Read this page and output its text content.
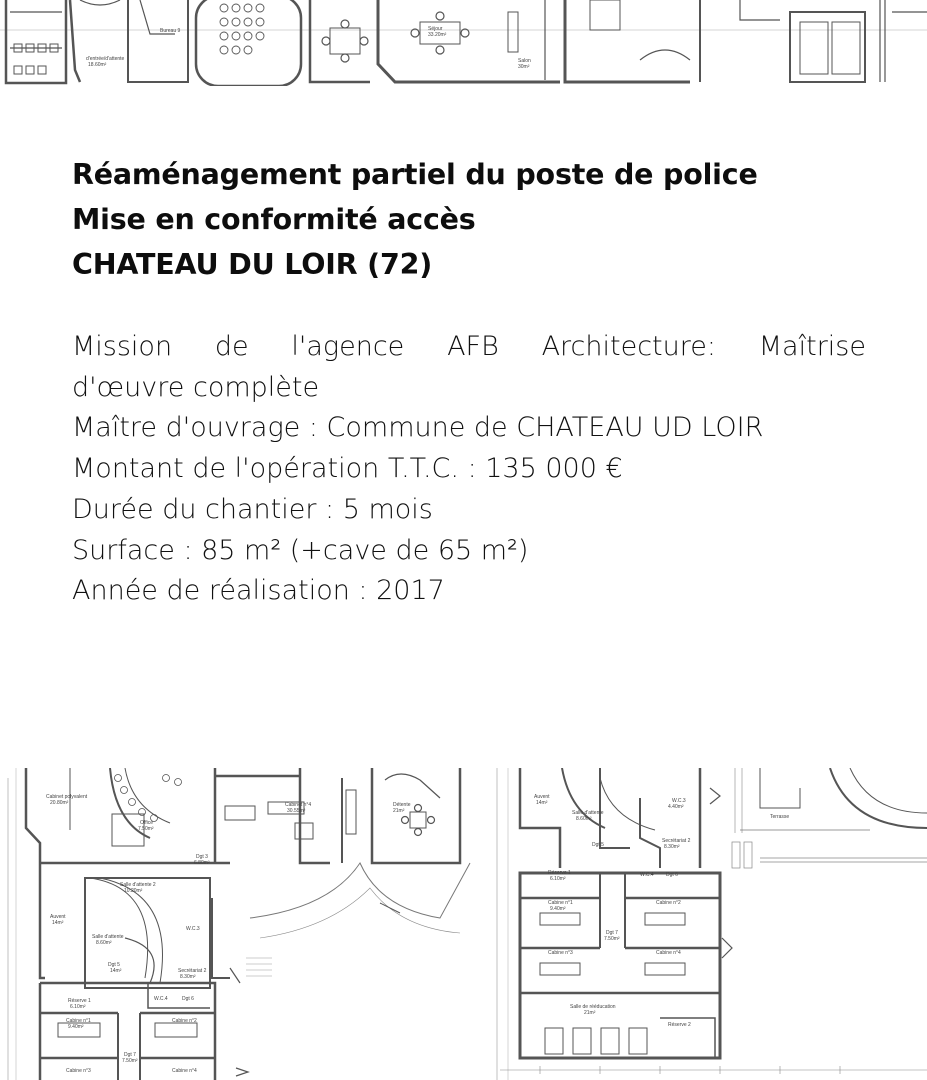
d'entrée/d'attente
18.60m²
Bureau 9	Séjour
33.20m²
Salon
30m²
Réaménagement partiel du poste de police
Mise en conformité accès
CHATEAU DU LOIR (72)
Mission de l'agence AFB Architecture: Maîtrise
d'œuvre complète
Maître d'ouvrage : Commune de CHATEAU UD LOIR
Montant de l'opération T.T.C. : 135 000 €
Durée du chantier : 5 mois
Surface : 85 m² (+cave de 65 m²)
Année de réalisation : 2017
Cabinet polyvalent
20.80m²
Office
7.50m²
Cabinet n°4
30.55m²
Détente
21m²
Salle d'attente 2
10.20m²
Dgt 3
6.80m²
Salle d'attente
8.60m²
W.C.3
Dgt 5
14m²	Secrétariat 2
8.30m²
Réserve 1
6.10m²
W.C.4	Dgt 6
Cabine n°1
9.40m²
Cabine n°2
Dgt 7
7.50m²
Cabine n°3	Cabine n°4
Auvent
14m²
Auvent
14m²
Salle d'attente
8.60m²
W.C.3
4.40m²
Terrasse
Dgt 5
Secrétariat 2
8.30m²
Réserve 1
6.10m²
W.C.4 Dgt 6
Cabine n°1
9.40m²
Cabine n°2
Dgt 7
7.50m²
Cabine n°3	Cabine n°4
Salle de rééducation
21m²
Réserve 2
